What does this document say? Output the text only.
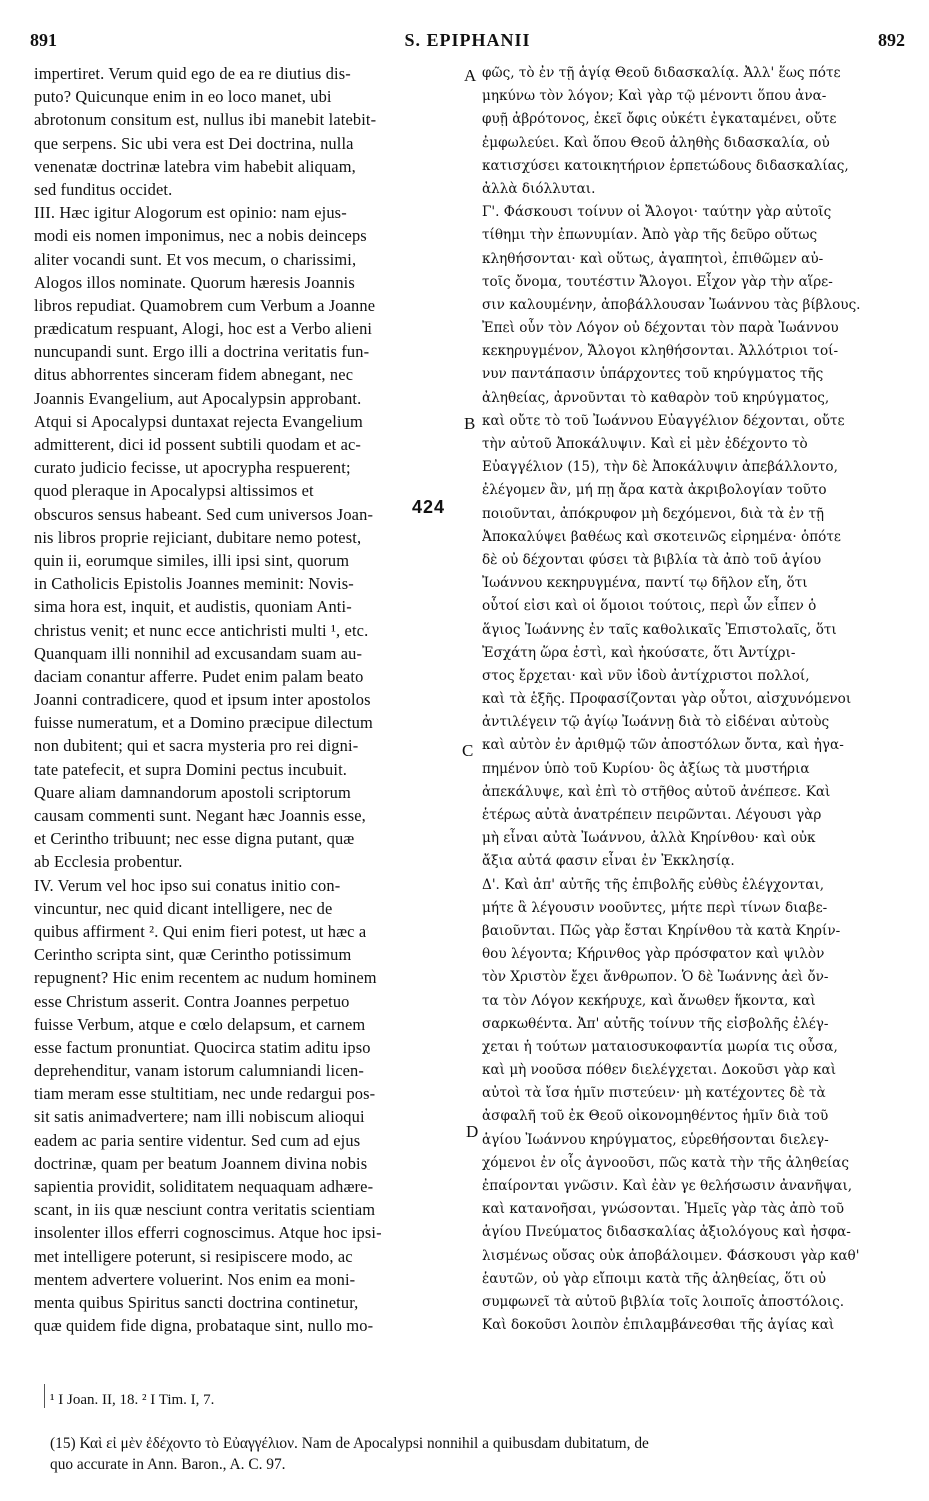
891	S. EPIPHANII	892
impertiret. Verum quid ego de ea re diutius dis-
puto? Quicunque enim in eo loco manet, ubi
abrotonum consitum est, nullus ibi manebit latebit-
que serpens. Sic ubi vera est Dei doctrina, nulla
venenatæ doctrinæ latebra vim habebit aliquam,
sed funditus occidet.
III. Hæc igitur Alogorum est opinio: nam ejus-
modi eis nomen imponimus, nec a nobis deinceps
aliter vocandi sunt. Et vos mecum, o charissimi,
Alogos illos nominate. Quorum hæresis Joannis
libros repudiat. Quamobrem cum Verbum a Joanne
prædicatum respuant, Alogi, hoc est a Verbo alieni
nuncupandi sunt. Ergo illi a doctrina veritatis fun-
ditus abhorrentes sinceram fidem abnegant, nec
Joannis Evangelium, aut Apocalypsin approbant.
Atqui si Apocalypsi duntaxat rejecta Evangelium
admitterent, dici id possent subtili quodam et ac-
curato judicio fecisse, ut apocrypha respuerent;
quod pleraque in Apocalypsi altissimos et
obscuros sensus habeant. Sed cum universos Joan-
nis libros proprie rejiciant, dubitare nemo potest,
quin ii, eorumque similes, illi ipsi sint, quorum
in Catholicis Epistolis Joannes meminit: Novis-
sima hora est, inquit, et audistis, quoniam Anti-
christus venit; et nunc ecce antichristi multi ¹, etc.
Quanquam illi nonnihil ad excusandam suam au-
daciam conantur afferre. Pudet enim palam beato
Joanni contradicere, quod et ipsum inter apostolos
fuisse numeratum, et a Domino præcipue dilectum
non dubitent; qui et sacra mysteria pro rei digni-
tate patefecit, et supra Domini pectus incubuit.
Quare aliam damnandorum apostoli scriptorum
causam commenti sunt. Negant hæc Joannis esse,
et Cerintho tribuunt; nec esse digna putant, quæ
ab Ecclesia probentur.
IV. Verum vel hoc ipso sui conatus initio con-
vincuntur, nec quid dicant intelligere, nec de
quibus affirment ². Qui enim fieri potest, ut hæc a
Cerintho scripta sint, quæ Cerintho potissimum
repugnent? Hic enim recentem ac nudum hominem
esse Christum asserit. Contra Joannes perpetuo
fuisse Verbum, atque e cœlo delapsum, et carnem
esse factum pronuntiat. Quocirca statim aditu ipso
deprehenditur, vanam istorum calumniandi licen-
tiam meram esse stultitiam, nec unde redargui pos-
sit satis animadvertere; nam illi nobiscum alioqui
eadem ac paria sentire videntur. Sed cum ad ejus
doctrinæ, quam per beatum Joannem divina nobis
sapientia providit, soliditatem nequaquam adhære-
scant, in iis quæ nesciunt contra veritatis scientiam
insolenter illos efferri cognoscimus. Atque hoc ipsi-
met intelligere poterunt, si resipiscere modo, ac
mentem advertere voluerint. Nos enim ea moni-
menta quibus Spiritus sancti doctrina continetur,
quæ quidem fide digna, probataque sint, nullo mo-
φῶς, τὸ ἐν τῇ ἁγίᾳ Θεοῦ διδασκαλίᾳ. Ἀλλ' ἕως πότε
μηκύνω τὸν λόγον; Καὶ γὰρ τῷ μένοντι ὅπου ἀνα-
φυῇ ἀβρότονος, ἐκεῖ ὄφις οὐκέτι ἐγκαταμένει, οὔτε
ἐμφωλεύει. Καὶ ὅπου Θεοῦ ἀληθὴς διδασκαλία, οὐ
κατισχύσει κατοικητήριον ἑρπετώδους διδασκαλίας,
ἀλλὰ διόλλυται.
Γ'. Φάσκουσι τοίνυν οἱ Ἄλογοι· ταύτην γὰρ αὐτοῖς
τίθημι τὴν ἐπωνυμίαν. Ἀπὸ γὰρ τῆς δεῦρο οὕτως
κληθήσονται· καὶ οὕτως, ἀγαπητοὶ, ἐπιθῶμεν αὐ-
τοῖς ὄνομα, τουτέστιν Ἄλογοι. Εἶχον γὰρ τὴν αἵρε-
σιν καλουμένην, ἀποβάλλουσαν Ἰωάννου τὰς βίβλους.
Ἐπεὶ οὖν τὸν Λόγον οὐ δέχονται τὸν παρὰ Ἰωάννου
κεκηρυγμένον, Ἄλογοι κληθήσονται. Ἀλλότριοι τοί-
νυν παντάπασιν ὑπάρχοντες τοῦ κηρύγματος τῆς
ἀληθείας, ἀρνοῦνται τὸ καθαρὸν τοῦ κηρύγματος,
καὶ οὔτε τὸ τοῦ Ἰωάννου Εὐαγγέλιον δέχονται, οὔτε
τὴν αὐτοῦ Ἀποκάλυψιν. Καὶ εἰ μὲν ἐδέχοντο τὸ
Εὐαγγέλιον (15), τὴν δὲ Ἀποκάλυψιν ἀπεβάλλοντο,
ἐλέγομεν ἂν, μή πῃ ἄρα κατὰ ἀκριβολογίαν τοῦτο
ποιοῦνται, ἀπόκρυφον μὴ δεχόμενοι, διὰ τὰ ἐν τῇ
Ἀποκαλύψει βαθέως καὶ σκοτεινῶς εἰρημένα· ὁπότε
δὲ οὐ δέχονται φύσει τὰ βιβλία τὰ ἀπὸ τοῦ ἁγίου
Ἰωάννου κεκηρυγμένα, παντί τῳ δῆλον εἴη, ὅτι
οὗτοί εἰσι καὶ οἱ ὅμοιοι τούτοις, περὶ ὧν εἶπεν ὁ
ἅγιος Ἰωάννης ἐν ταῖς καθολικαῖς Ἐπιστολαῖς, ὅτι
Ἐσχάτη ὥρα ἐστὶ, καὶ ἠκούσατε, ὅτι Ἀντίχρι-
στος ἔρχεται· καὶ νῦν ἰδοὺ ἀντίχριστοι πολλοί,
καὶ τὰ ἑξῆς. Προφασίζονται γὰρ οὗτοι, αἰσχυνόμενοι
ἀντιλέγειν τῷ ἁγίῳ Ἰωάννῃ διὰ τὸ εἰδέναι αὐτοὺς
καὶ αὐτὸν ἐν ἀριθμῷ τῶν ἀποστόλων ὄντα, καὶ ἠγα-
πημένον ὑπὸ τοῦ Κυρίου· ὃς ἀξίως τὰ μυστήρια
ἀπεκάλυψε, καὶ ἐπὶ τὸ στῆθος αὐτοῦ ἀνέπεσε. Καὶ
ἑτέρως αὐτὰ ἀνατρέπειν πειρῶνται. Λέγουσι γὰρ
μὴ εἶναι αὐτὰ Ἰωάννου, ἀλλὰ Κηρίνθου· καὶ οὐκ
ἄξια αὐτά φασιν εἶναι ἐν Ἐκκλησίᾳ.
Δ'. Καὶ ἀπ' αὐτῆς τῆς ἐπιβολῆς εὐθὺς ἐλέγχονται,
μήτε ἃ λέγουσιν νοοῦντες, μήτε περὶ τίνων διαβε-
βαιοῦνται. Πῶς γὰρ ἔσται Κηρίνθου τὰ κατὰ Κηρίν-
θου λέγοντα; Κήρινθος γὰρ πρόσφατον καὶ ψιλὸν
τὸν Χριστὸν ἔχει ἄνθρωπον. Ὁ δὲ Ἰωάννης ἀεὶ ὄν-
τα τὸν Λόγον κεκήρυχε, καὶ ἄνωθεν ἥκοντα, καὶ
σαρκωθέντα. Ἀπ' αὐτῆς τοίνυν τῆς εἰσβολῆς ἐλέγ-
χεται ἡ τούτων ματαιοσυκοφαντία μωρία τις οὖσα,
καὶ μὴ νοοῦσα πόθεν διελέγχεται. Δοκοῦσι γὰρ καὶ
αὐτοὶ τὰ ἴσα ἡμῖν πιστεύειν· μὴ κατέχοντες δὲ τὰ
ἀσφαλῆ τοῦ ἐκ Θεοῦ οἰκονομηθέντος ἡμῖν διὰ τοῦ
ἁγίου Ἰωάννου κηρύγματος, εὑρεθήσονται διελεγ-
χόμενοι ἐν οἷς ἀγνοοῦσι, πῶς κατὰ τὴν τῆς ἀληθείας
ἐπαίρονται γνῶσιν. Καὶ ἐὰν γε θελήσωσιν ἀνανῆψαι,
καὶ κατανοῆσαι, γνώσονται. Ἡμεῖς γὰρ τὰς ἀπὸ τοῦ
ἁγίου Πνεύματος διδασκαλίας ἀξιολόγους καὶ ἠσφα-
λισμένως οὔσας οὐκ ἀποβάλοιμεν. Φάσκουσι γὰρ καθ'
ἑαυτῶν, οὐ γὰρ εἴποιμι κατὰ τῆς ἀληθείας, ὅτι οὐ
συμφωνεῖ τὰ αὐτοῦ βιβλία τοῖς λοιποῖς ἀποστόλοις.
Καὶ δοκοῦσι λοιπὸν ἐπιλαμβάνεσθαι τῆς ἁγίας καὶ
A
B
C
D
424
¹ I Joan. II, 18. ² I Tim. I, 7.
(15) Καὶ εἰ μὲν ἐδέχοντο τὸ Εὐαγγέλιον. Nam de Apocalypsi nonnihil a quibusdam dubitatum, de
quo accurate in Ann. Baron., A. C. 97.
